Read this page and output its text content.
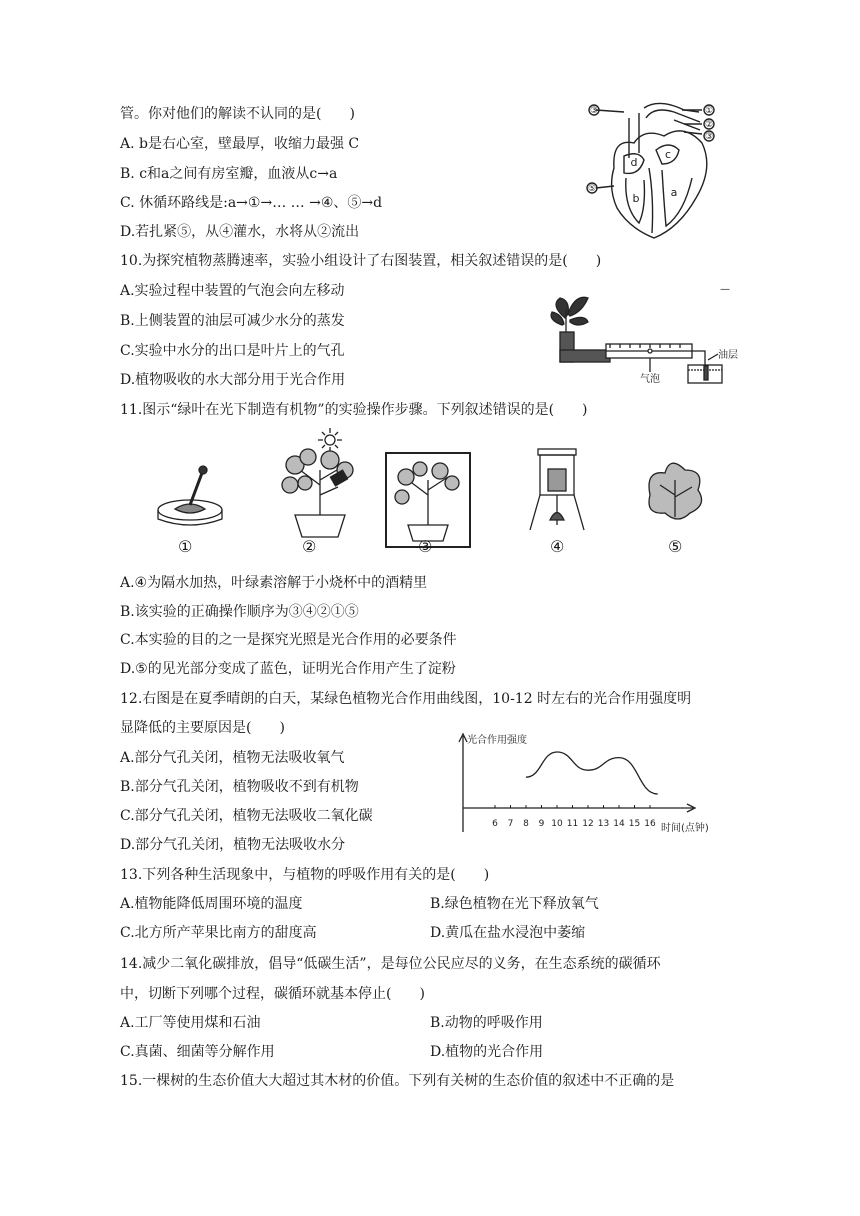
管。你对他们的解读不认同的是(　　)
A. b是右心室，壁最厚，收缩力最强 C
B. c和a之间有房室瓣，血液从c→a
C. 休循环路线是:a→①→… … →④、⑤→d
D.若扎紧⑤，从④灌水，水将从②流出
③	①
②
③
⑤
d
c
b	a
10.为探究植物蒸腾速率，实验小组设计了右图装置，相关叙述错误的是(　　)
A.实验过程中装置的气泡会向左移动
B.上侧装置的油层可减少水分的蒸发
C.实验中水分的出口是叶片上的气孔
D.植物吸收的水大部分用于光合作用
油层
气泡
—
11.图示“绿叶在光下制造有机物”的实验操作步骤。下列叙述错误的是(　　)
①	②	③	④	⑤
A.④为隔水加热，叶绿素溶解于小烧杯中的酒精里
B.该实验的正确操作顺序为③④②①⑤
C.本实验的目的之一是探究光照是光合作用的必要条件
D.⑤的见光部分变成了蓝色，证明光合作用产生了淀粉
12.右图是在夏季晴朗的白天，某绿色植物光合作用曲线图，10-12 时左右的光合作用强度明
显降低的主要原因是(　　)
A.部分气孔关闭，植物无法吸收氧气
B.部分气孔关闭，植物吸收不到有机物
C.部分气孔关闭，植物无法吸收二氧化碳
D.部分气孔关闭，植物无法吸收水分
光合作用强度
时间(点钟)
6 7 8 9 10 11 12 13 14 15 16
13.下列各种生活现象中，与植物的呼吸作用有关的是(　　)
A.植物能降低周围环境的温度	B.绿色植物在光下释放氧气
C.北方所产苹果比南方的甜度高	D.黄瓜在盐水浸泡中萎缩
14.减少二氧化碳排放，倡导“低碳生活”，是每位公民应尽的义务，在生态系统的碳循环
中，切断下列哪个过程，碳循环就基本停止(　　)
A.工厂等使用煤和石油	B.动物的呼吸作用
C.真菌、细菌等分解作用	D.植物的光合作用
15.一棵树的生态价值大大超过其木材的价值。下列有关树的生态价值的叙述中不正确的是
